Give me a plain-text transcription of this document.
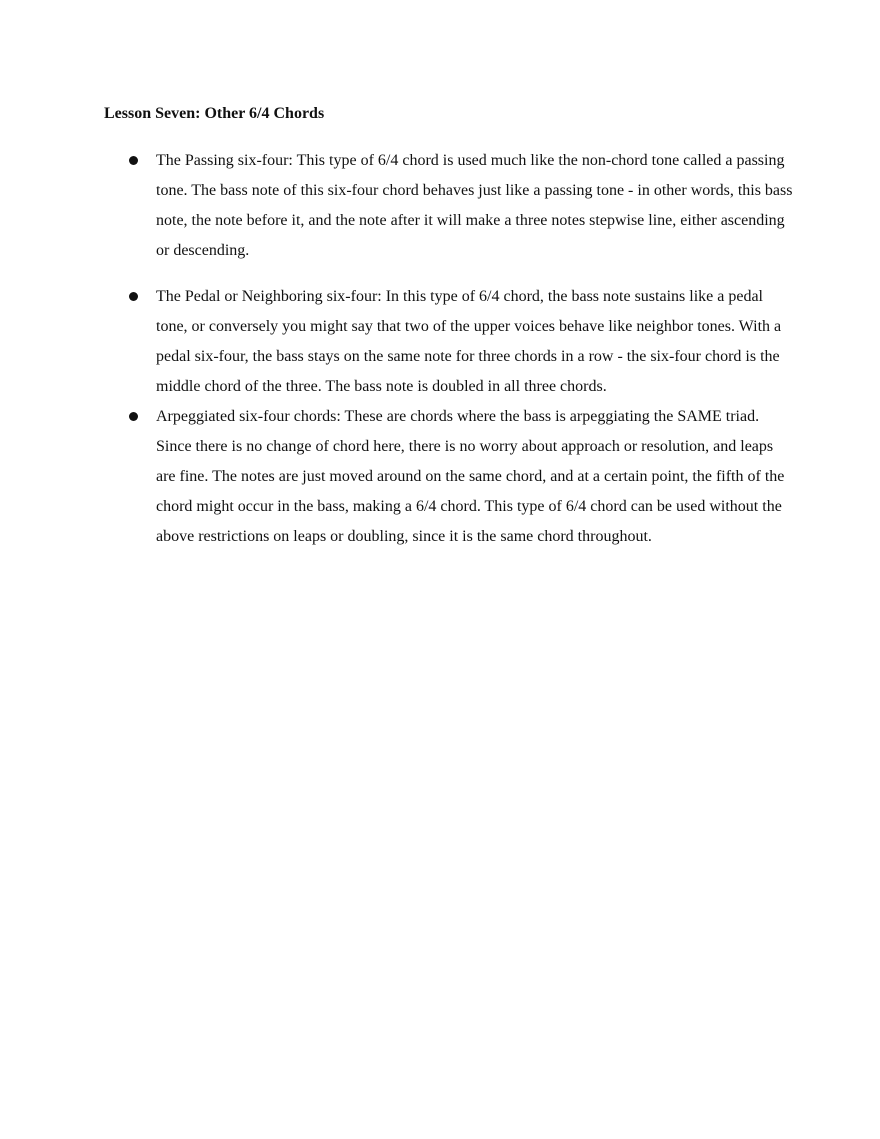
Lesson Seven: Other 6/4 Chords
The Passing six-four: This type of 6/4 chord is used much like the non-chord tone called a passing tone. The bass note of this six-four chord behaves just like a passing tone - in other words, this bass note, the note before it, and the note after it will make a three notes stepwise line, either ascending or descending.
The Pedal or Neighboring six-four: In this type of 6/4 chord, the bass note sustains like a pedal tone, or conversely you might say that two of the upper voices behave like neighbor tones. With a pedal six-four, the bass stays on the same note for three chords in a row - the six-four chord is the middle chord of the three. The bass note is doubled in all three chords.
Arpeggiated six-four chords: These are chords where the bass is arpeggiating the SAME triad. Since there is no change of chord here, there is no worry about approach or resolution, and leaps are fine. The notes are just moved around on the same chord, and at a certain point, the fifth of the chord might occur in the bass, making a 6/4 chord. This type of 6/4 chord can be used without the above restrictions on leaps or doubling, since it is the same chord throughout.
